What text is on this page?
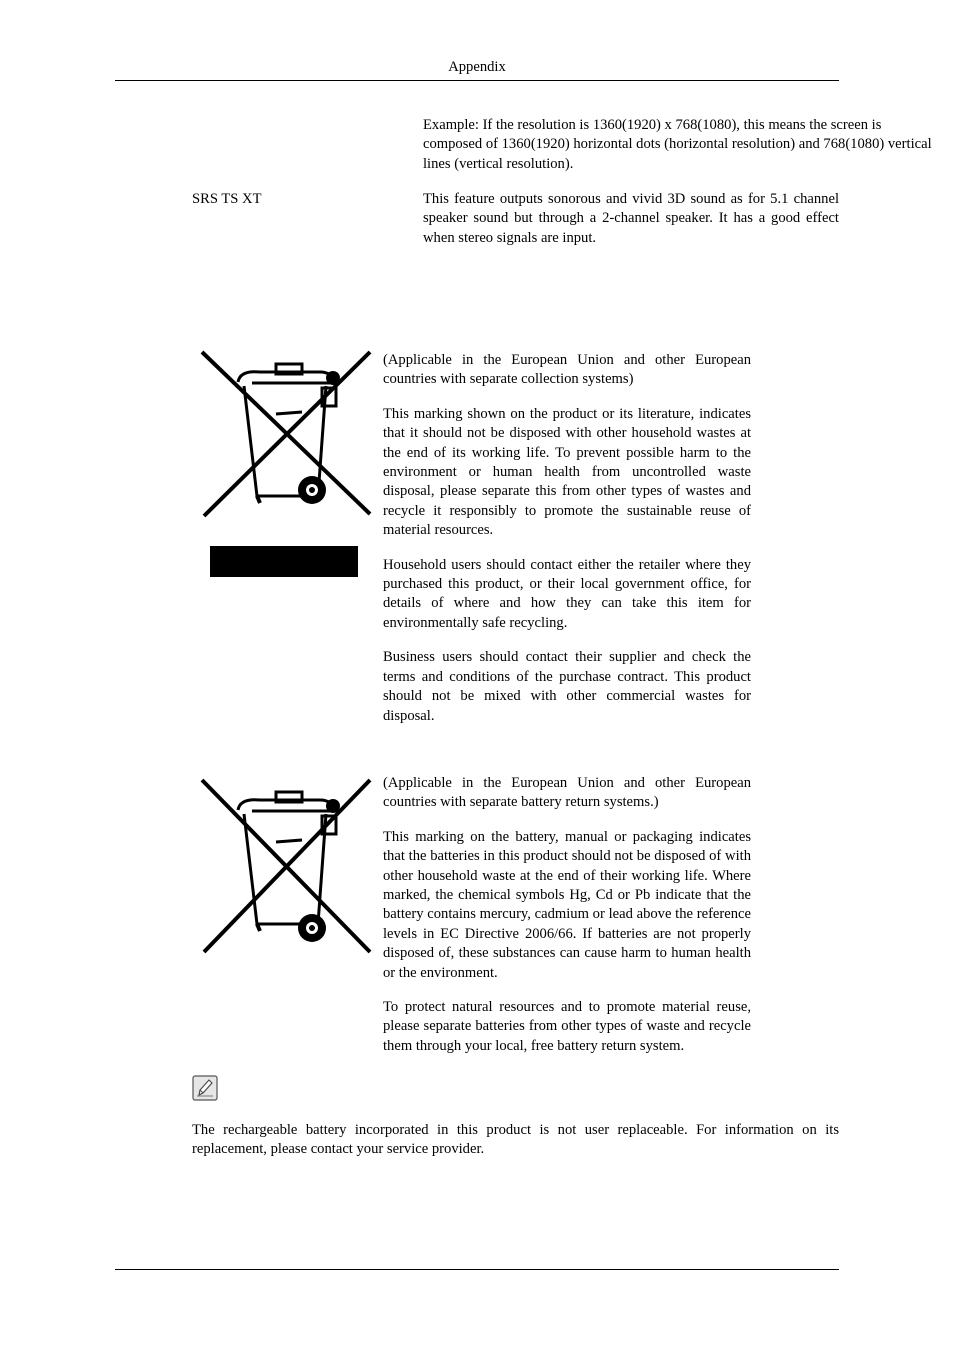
Appendix

Example: If the resolution is 1360(1920) x 768(1080), this means the screen is composed of 1360(1920) horizontal dots (horizontal resolution) and 768(1080) vertical lines (vertical resolution).

SRS TS XT	This feature outputs sonorous and vivid 3D sound as for 5.1 channel speaker sound but through a 2-channel speaker. It has a good effect when stereo signals are input.

(Applicable in the European Union and other European countries with separate collection systems)

This marking shown on the product or its literature, indicates that it should not be disposed with other household wastes at the end of its working life. To prevent possible harm to the environment or human health from uncontrolled waste disposal, please separate this from other types of wastes and recycle it responsibly to promote the sustainable reuse of material resources.

Household users should contact either the retailer where they purchased this product, or their local government office, for details of where and how they can take this item for environmentally safe recycling.

Business users should contact their supplier and check the terms and conditions of the purchase contract. This product should not be mixed with other commercial wastes for disposal.

(Applicable in the European Union and other European countries with separate battery return systems.)

This marking on the battery, manual or packaging indicates that the batteries in this product should not be disposed of with other household waste at the end of their working life. Where marked, the chemical symbols Hg, Cd or Pb indicate that the battery contains mercury, cadmium or lead above the reference levels in EC Directive 2006/66. If batteries are not properly disposed of, these substances can cause harm to human health or the environment.

To protect natural resources and to promote material reuse, please separate batteries from other types of waste and recycle them through your local, free battery return system.

The rechargeable battery incorporated in this product is not user replaceable. For information on its replacement, please contact your service provider.
